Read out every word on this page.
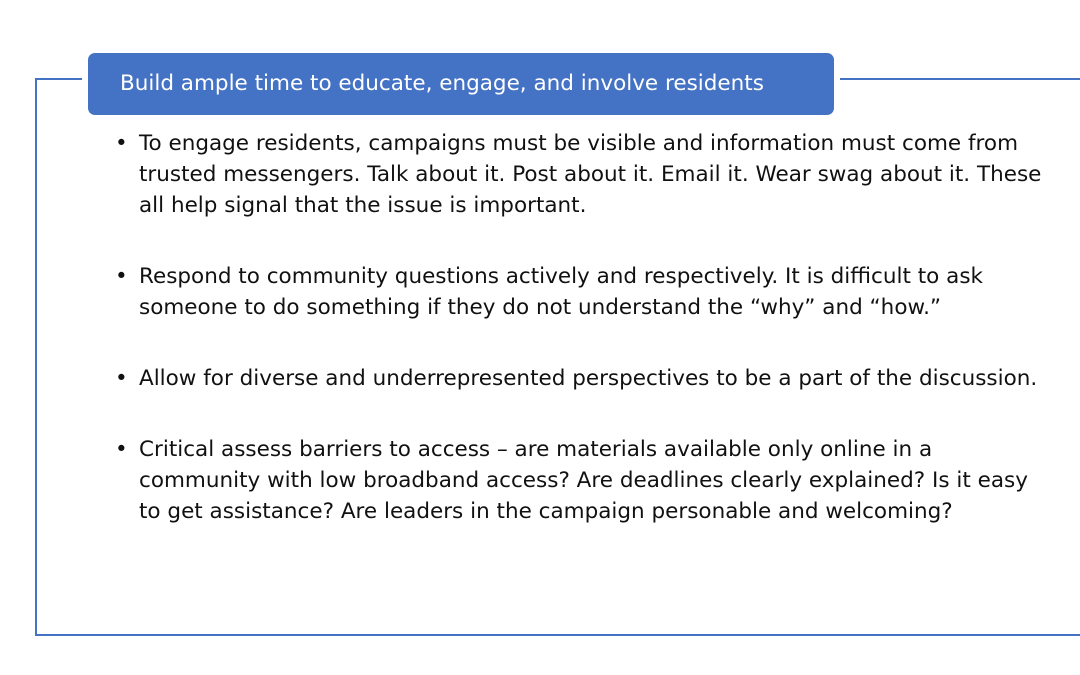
Build ample time to educate, engage, and involve residents
• To engage residents, campaigns must be visible and information must come from trusted messengers. Talk about it. Post about it. Email it. Wear swag about it. These all help signal that the issue is important.
• Respond to community questions actively and respectively. It is difficult to ask someone to do something if they do not understand the “why” and “how.”
• Allow for diverse and underrepresented perspectives to be a part of the discussion.
• Critical assess barriers to access – are materials available only online in a community with low broadband access? Are deadlines clearly explained? Is it easy to get assistance? Are leaders in the campaign personable and welcoming?
